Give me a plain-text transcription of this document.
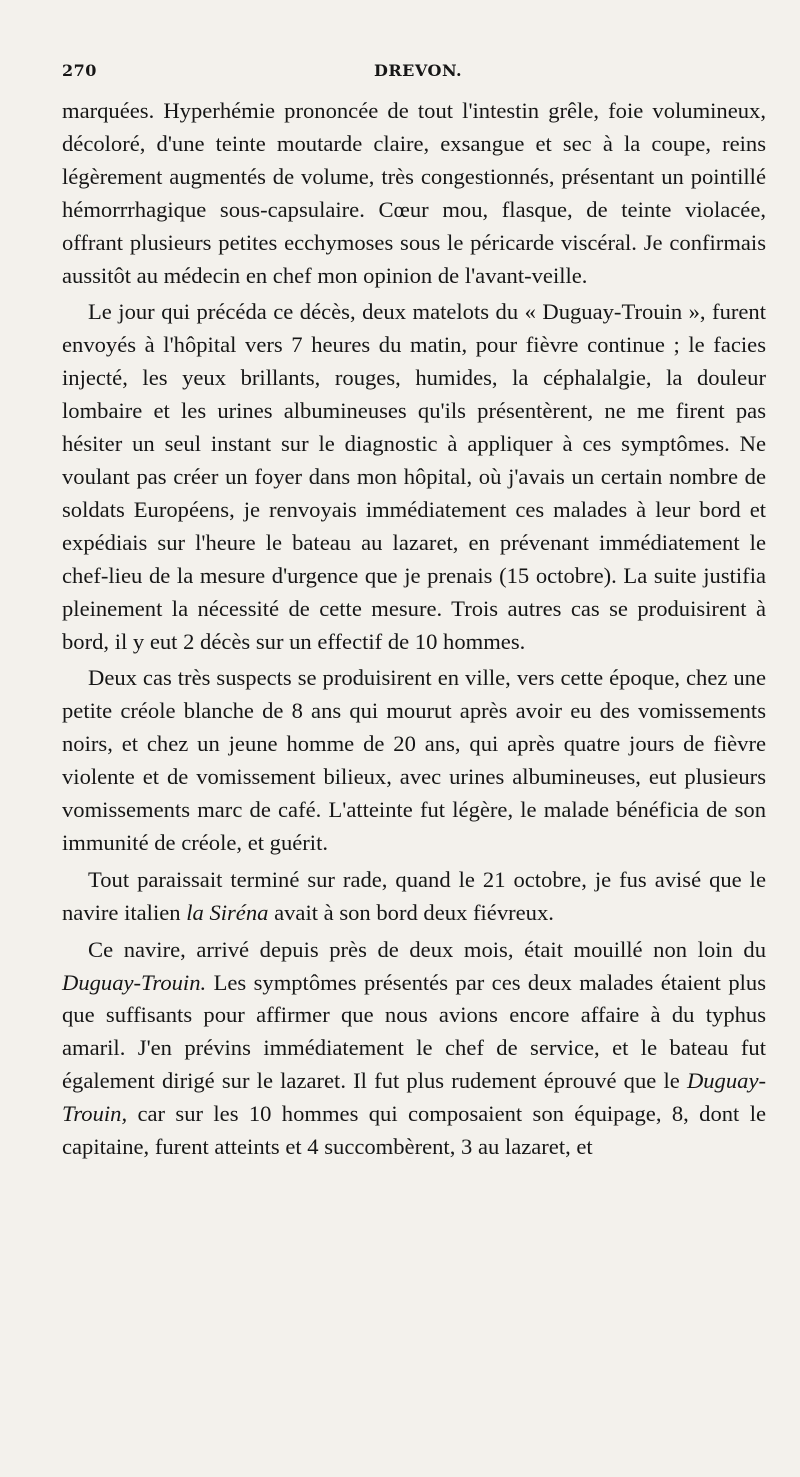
270	DREVON.

marquées. Hyperhémie prononcée de tout l'intestin grêle, foie volumineux, décoloré, d'une teinte moutarde claire, exsangue et sec à la coupe, reins légèrement augmentés de volume, très congestionnés, présentant un pointillé hémorrrhagique sous-capsulaire. Cœur mou, flasque, de teinte violacée, offrant plusieurs petites ecchymoses sous le péricarde viscéral. Je confirmais aussitôt au médecin en chef mon opinion de l'avant-veille.

Le jour qui précéda ce décès, deux matelots du « Duguay-Trouin », furent envoyés à l'hôpital vers 7 heures du matin, pour fièvre continue ; le facies injecté, les yeux brillants, rouges, humides, la céphalalgie, la douleur lombaire et les urines albumineuses qu'ils présentèrent, ne me firent pas hésiter un seul instant sur le diagnostic à appliquer à ces symptômes. Ne voulant pas créer un foyer dans mon hôpital, où j'avais un certain nombre de soldats Européens, je renvoyais immédiatement ces malades à leur bord et expédiais sur l'heure le bateau au lazaret, en prévenant immédiatement le chef-lieu de la mesure d'urgence que je prenais (15 octobre). La suite justifia pleinement la nécessité de cette mesure. Trois autres cas se produisirent à bord, il y eut 2 décès sur un effectif de 10 hommes.

Deux cas très suspects se produisirent en ville, vers cette époque, chez une petite créole blanche de 8 ans qui mourut après avoir eu des vomissements noirs, et chez un jeune homme de 20 ans, qui après quatre jours de fièvre violente et de vomissement bilieux, avec urines albumineuses, eut plusieurs vomissements marc de café. L'atteinte fut légère, le malade bénéficia de son immunité de créole, et guérit.

Tout paraissait terminé sur rade, quand le 21 octobre, je fus avisé que le navire italien la Siréna avait à son bord deux fiévreux.

Ce navire, arrivé depuis près de deux mois, était mouillé non loin du Duguay-Trouin. Les symptômes présentés par ces deux malades étaient plus que suffisants pour affirmer que nous avions encore affaire à du typhus amaril. J'en prévins immédiatement le chef de service, et le bateau fut également dirigé sur le lazaret. Il fut plus rudement éprouvé que le Duguay-Trouin, car sur les 10 hommes qui composaient son équipage, 8, dont le capitaine, furent atteints et 4 succombèrent, 3 au lazaret, et
